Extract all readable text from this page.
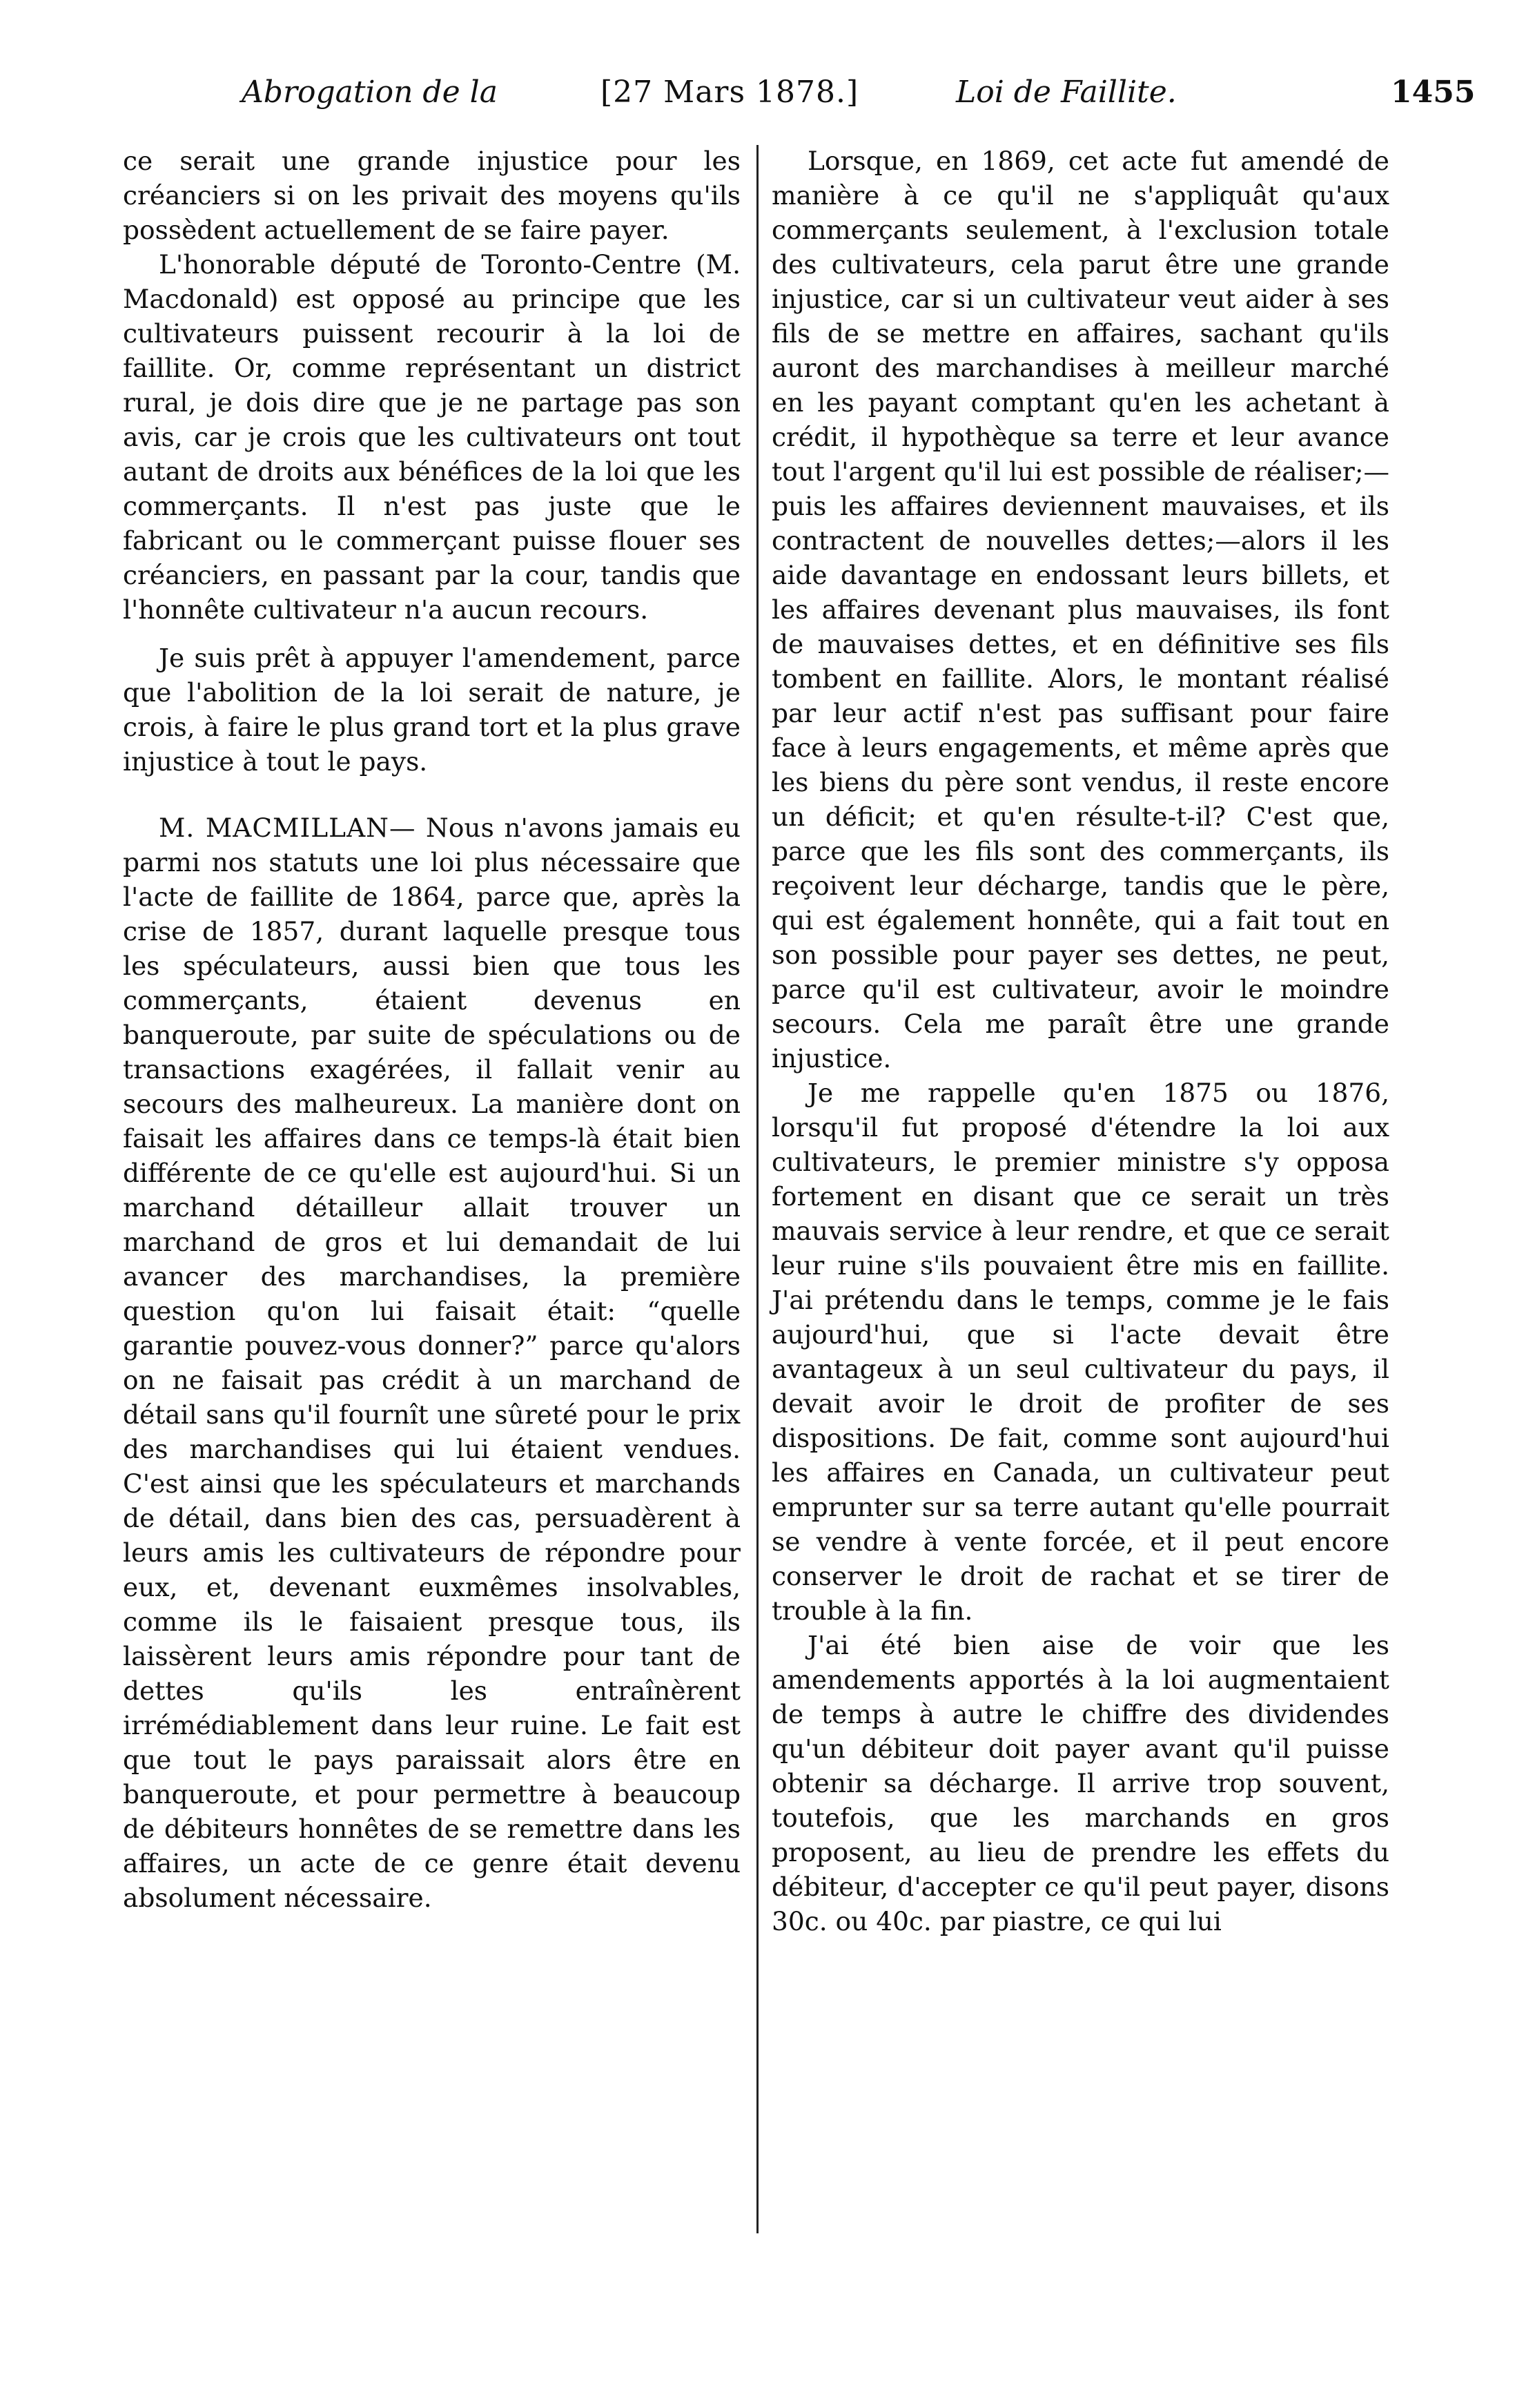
Abrogation de la	[27 Mars 1878.]	Loi de Faillite.	1455

ce serait une grande injustice pour les créanciers si on les privait des moyens qu'ils possèdent actuellement de se faire payer.

L'honorable député de Toronto-Centre (M. Macdonald) est opposé au principe que les cultivateurs puissent recourir à la loi de faillite. Or, comme représentant un district rural, je dois dire que je ne partage pas son avis, car je crois que les cultivateurs ont tout autant de droits aux bénéfices de la loi que les commerçants. Il n'est pas juste que le fabricant ou le commerçant puisse flouer ses créanciers, en passant par la cour, tandis que l'honnête cultivateur n'a aucun recours.

Je suis prêt à appuyer l'amendement, parce que l'abolition de la loi serait de nature, je crois, à faire le plus grand tort et la plus grave injustice à tout le pays.

M. MACMILLAN— Nous n'avons jamais eu parmi nos statuts une loi plus nécessaire que l'acte de faillite de 1864, parce que, après la crise de 1857, durant laquelle presque tous les spéculateurs, aussi bien que tous les commerçants, étaient devenus en banqueroute, par suite de spéculations ou de transactions exagérées, il fallait venir au secours des malheureux. La manière dont on faisait les affaires dans ce temps-là était bien différente de ce qu'elle est aujourd'hui. Si un marchand détailleur allait trouver un marchand de gros et lui demandait de lui avancer des marchandises, la première question qu'on lui faisait était: “quelle garantie pouvez-vous donner?” parce qu'alors on ne faisait pas crédit à un marchand de détail sans qu'il fournît une sûreté pour le prix des marchandises qui lui étaient vendues. C'est ainsi que les spéculateurs et marchands de détail, dans bien des cas, persuadèrent à leurs amis les cultivateurs de répondre pour eux, et, devenant euxmêmes insolvables, comme ils le faisaient presque tous, ils laissèrent leurs amis répondre pour tant de dettes qu'ils les entraînèrent irrémédiablement dans leur ruine. Le fait est que tout le pays paraissait alors être en banqueroute, et pour permettre à beaucoup de débiteurs honnêtes de se remettre dans les affaires, un acte de ce genre était devenu absolument nécessaire.

Lorsque, en 1869, cet acte fut amendé de manière à ce qu'il ne s'appliquât qu'aux commerçants seulement, à l'exclusion totale des cultivateurs, cela parut être une grande injustice, car si un cultivateur veut aider à ses fils de se mettre en affaires, sachant qu'ils auront des marchandises à meilleur marché en les payant comptant qu'en les achetant à crédit, il hypothèque sa terre et leur avance tout l'argent qu'il lui est possible de réaliser;—puis les affaires deviennent mauvaises, et ils contractent de nouvelles dettes;—alors il les aide davantage en endossant leurs billets, et les affaires devenant plus mauvaises, ils font de mauvaises dettes, et en définitive ses fils tombent en faillite. Alors, le montant réalisé par leur actif n'est pas suffisant pour faire face à leurs engagements, et même après que les biens du père sont vendus, il reste encore un déficit; et qu'en résulte-t-il? C'est que, parce que les fils sont des commerçants, ils reçoivent leur décharge, tandis que le père, qui est également honnête, qui a fait tout en son possible pour payer ses dettes, ne peut, parce qu'il est cultivateur, avoir le moindre secours. Cela me paraît être une grande injustice.

Je me rappelle qu'en 1875 ou 1876, lorsqu'il fut proposé d'étendre la loi aux cultivateurs, le premier ministre s'y opposa fortement en disant que ce serait un très mauvais service à leur rendre, et que ce serait leur ruine s'ils pouvaient être mis en faillite. J'ai prétendu dans le temps, comme je le fais aujourd'hui, que si l'acte devait être avantageux à un seul cultivateur du pays, il devait avoir le droit de profiter de ses dispositions. De fait, comme sont aujourd'hui les affaires en Canada, un cultivateur peut emprunter sur sa terre autant qu'elle pourrait se vendre à vente forcée, et il peut encore conserver le droit de rachat et se tirer de trouble à la fin.

J'ai été bien aise de voir que les amendements apportés à la loi augmentaient de temps à autre le chiffre des dividendes qu'un débiteur doit payer avant qu'il puisse obtenir sa décharge. Il arrive trop souvent, toutefois, que les marchands en gros proposent, au lieu de prendre les effets du débiteur, d'accepter ce qu'il peut payer, disons 30c. ou 40c. par piastre, ce qui lui
